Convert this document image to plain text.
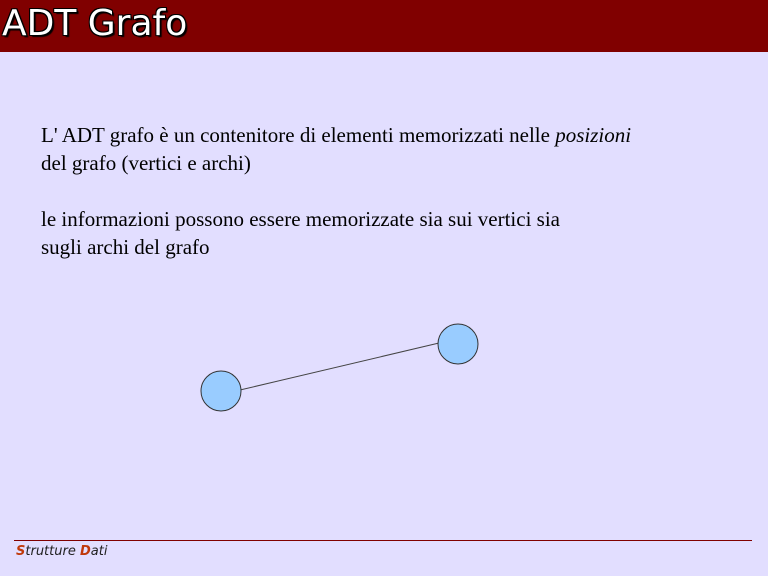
ADT Grafo
L' ADT grafo è un contenitore di elementi memorizzati nelle posizioni
del grafo (vertici e archi)
le informazioni possono essere memorizzate sia sui vertici sia
sugli archi del grafo
Strutture Dati
